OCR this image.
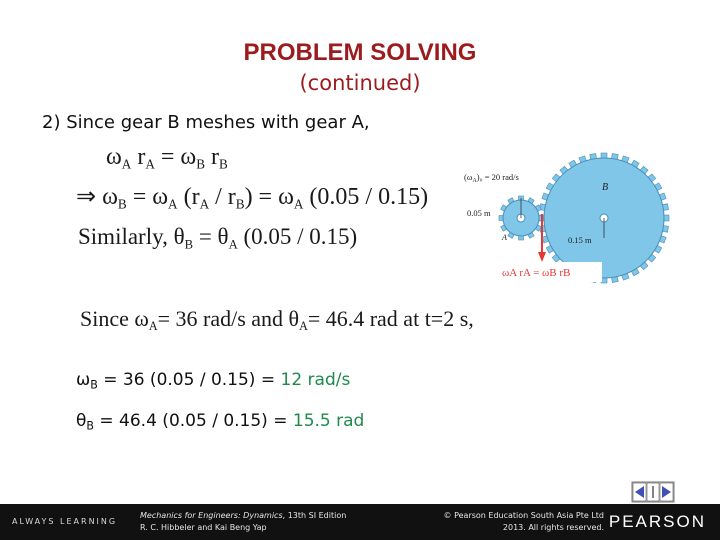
PROBLEM SOLVING
(continued)
2) Since gear B meshes with gear A,
$\omega_A$ $r_A = \omega_B$ $r_B$
⇒ $\omega_B = \omega_A$ $(r_A / r_B) = \omega_A$ (0.05 / 0.15)
Similarly, $\theta_B = \theta_A$ (0.05 / 0.15)
Since $\omega_A= 36$ rad/s and $\theta_A= 46.4$ rad at t=2 s,
$\omega_B = 36$ (0.05 / 0.15) = 12 rad/s
$\theta_B = 46.4$ (0.05 / 0.15) = 15.5 rad
$(\omega_A)_0 = 20$ rad/s
B
0.05 m
0.15 m
A
ωA rA = ωB rB
ALWAYS LEARNING
Mechanics for Engineers: Dynamics, 13th SI Edition
R. C. Hibbeler and Kai Beng Yap
© Pearson Education South Asia Pte Ltd
2013. All rights reserved. PEARSON
